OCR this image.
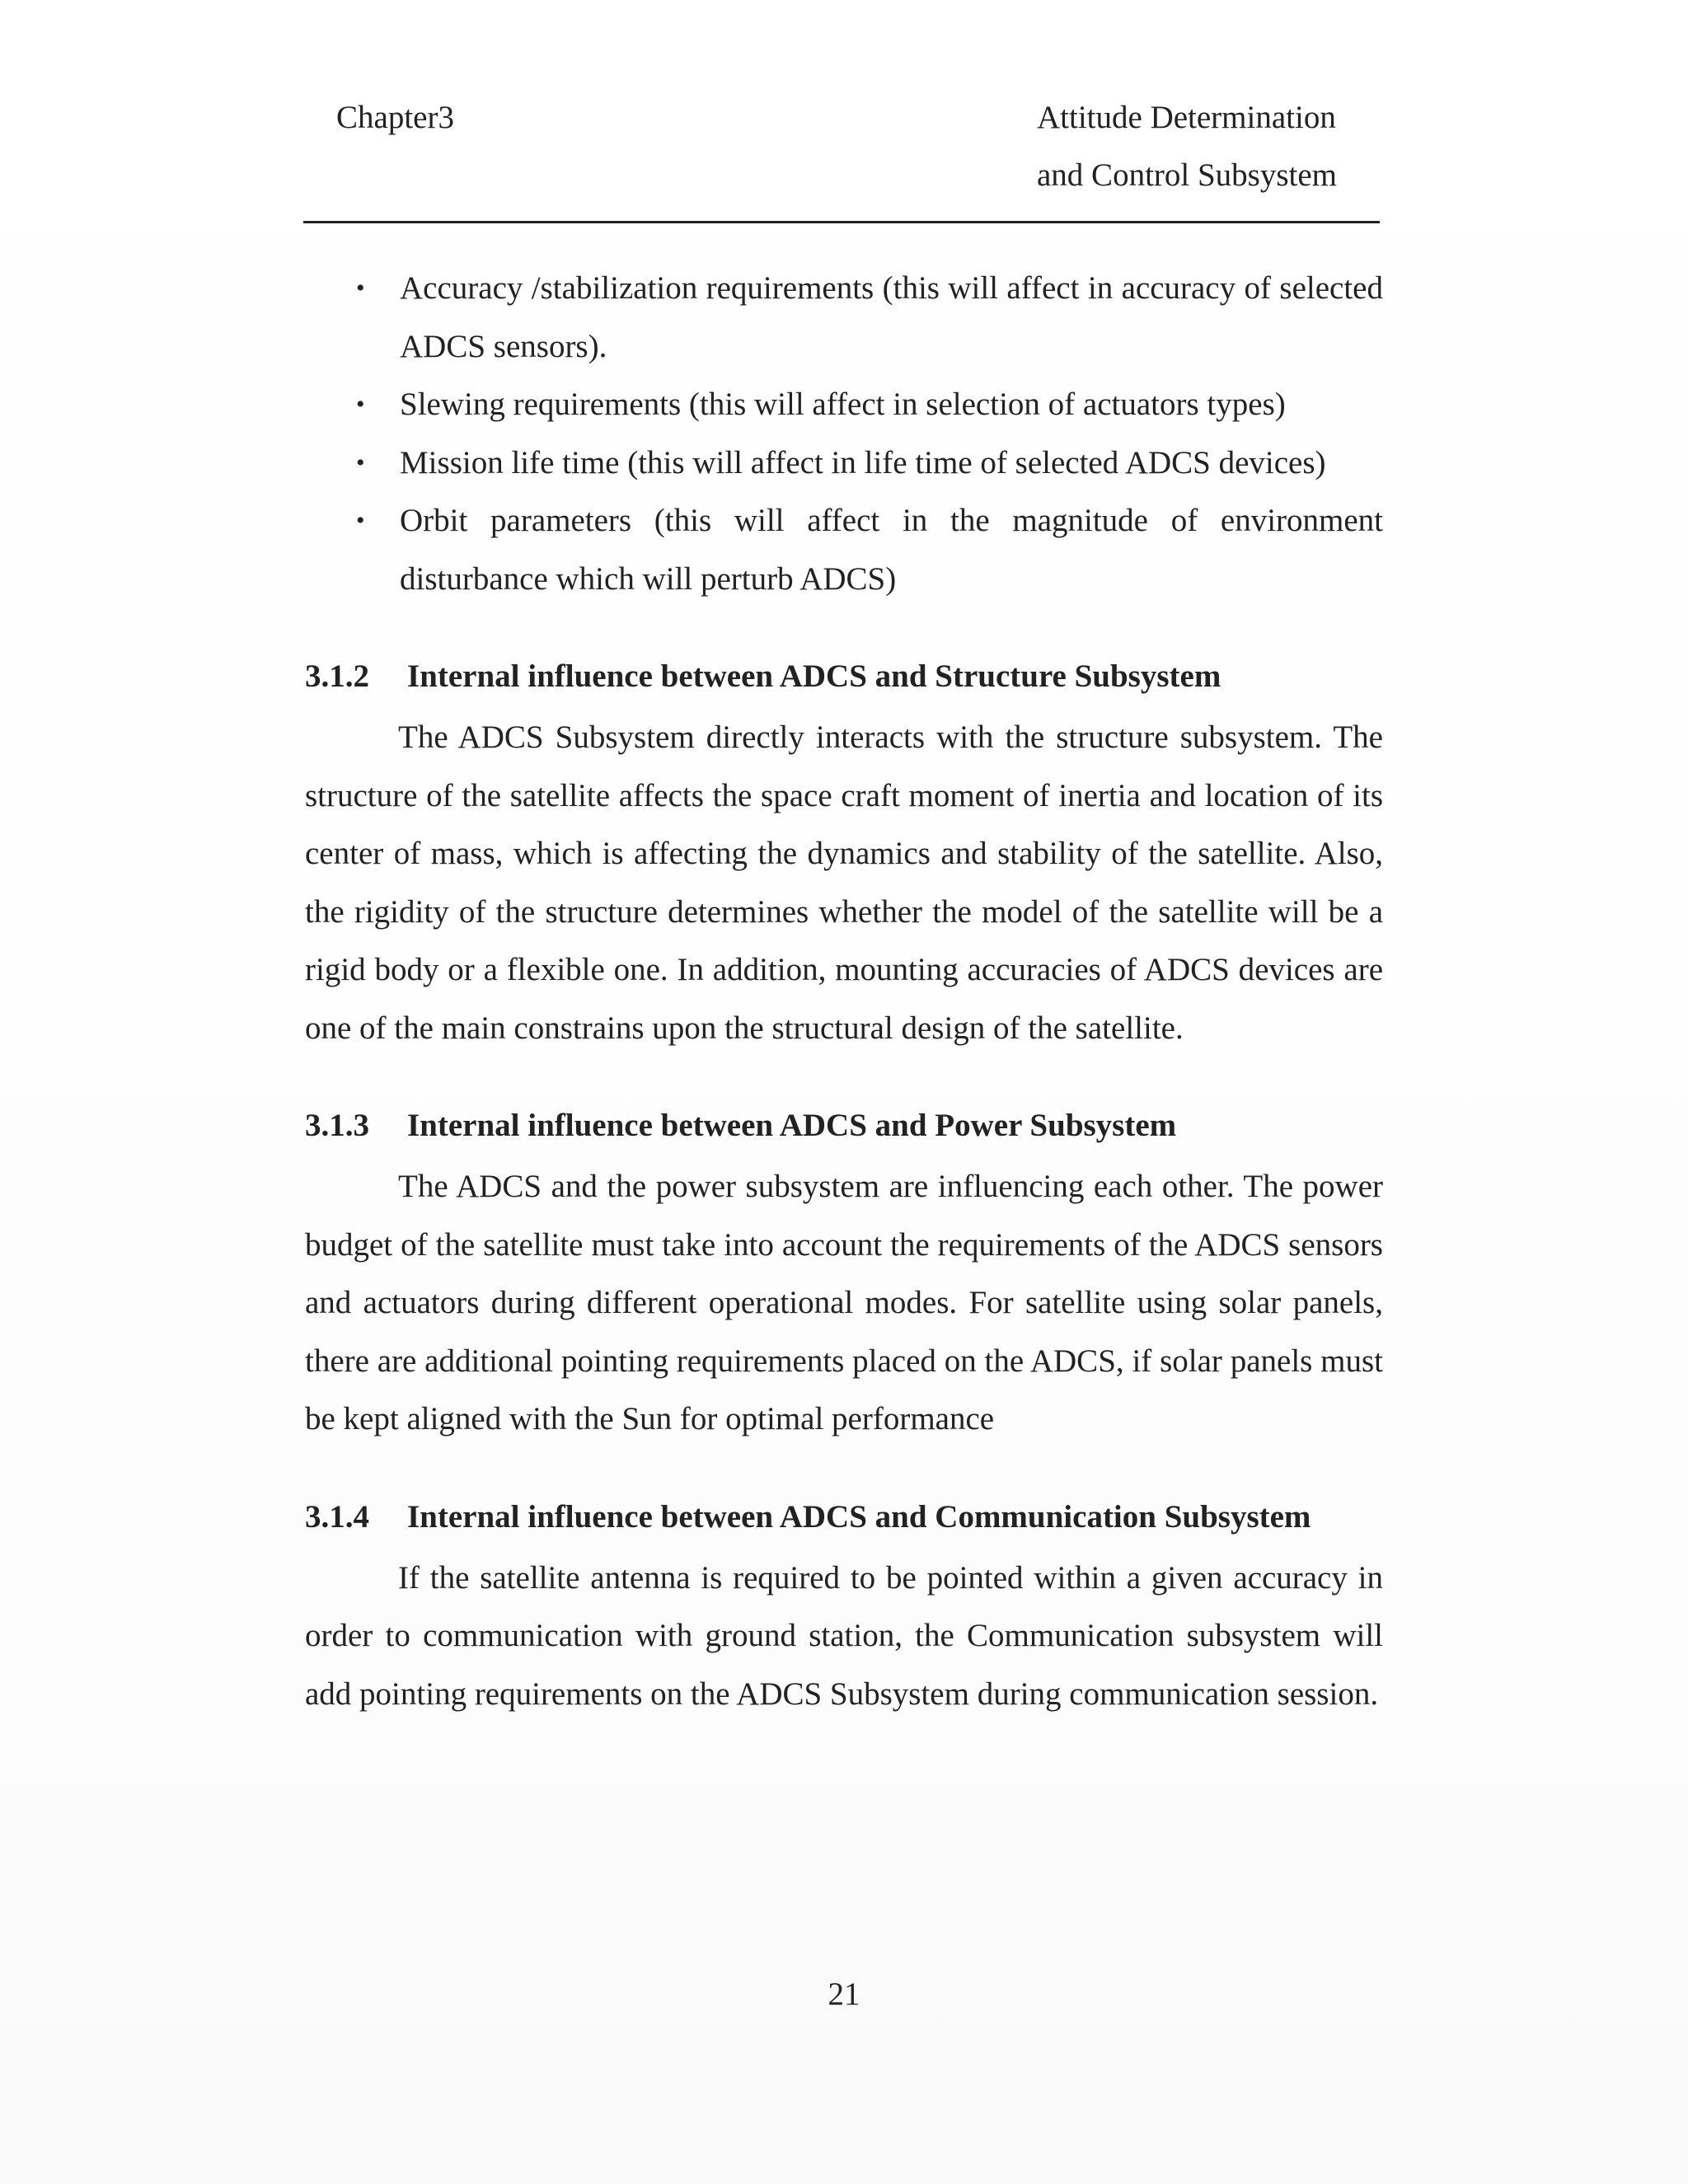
Chapter3	Attitude Determination
and Control Subsystem
• Accuracy /stabilization requirements (this will affect in accuracy of selected ADCS sensors).
• Slewing requirements (this will affect in selection of actuators types)
• Mission life time (this will affect in life time of selected ADCS devices)
• Orbit parameters (this will affect in the magnitude of environment disturbance which will perturb ADCS)
3.1.2 Internal influence between ADCS and Structure Subsystem

The ADCS Subsystem directly interacts with the structure subsystem. The structure of the satellite affects the space craft moment of inertia and location of its center of mass, which is affecting the dynamics and stability of the satellite. Also, the rigidity of the structure determines whether the model of the satellite will be a rigid body or a flexible one. In addition, mounting accuracies of ADCS devices are one of the main constrains upon the structural design of the satellite.

3.1.3 Internal influence between ADCS and Power Subsystem

The ADCS and the power subsystem are influencing each other. The power budget of the satellite must take into account the requirements of the ADCS sensors and actuators during different operational modes. For satellite using solar panels, there are additional pointing requirements placed on the ADCS, if solar panels must be kept aligned with the Sun for optimal performance

3.1.4 Internal influence between ADCS and Communication Subsystem

If the satellite antenna is required to be pointed within a given accuracy in order to communication with ground station, the Communication subsystem will add pointing requirements on the ADCS Subsystem during communication session.

21
